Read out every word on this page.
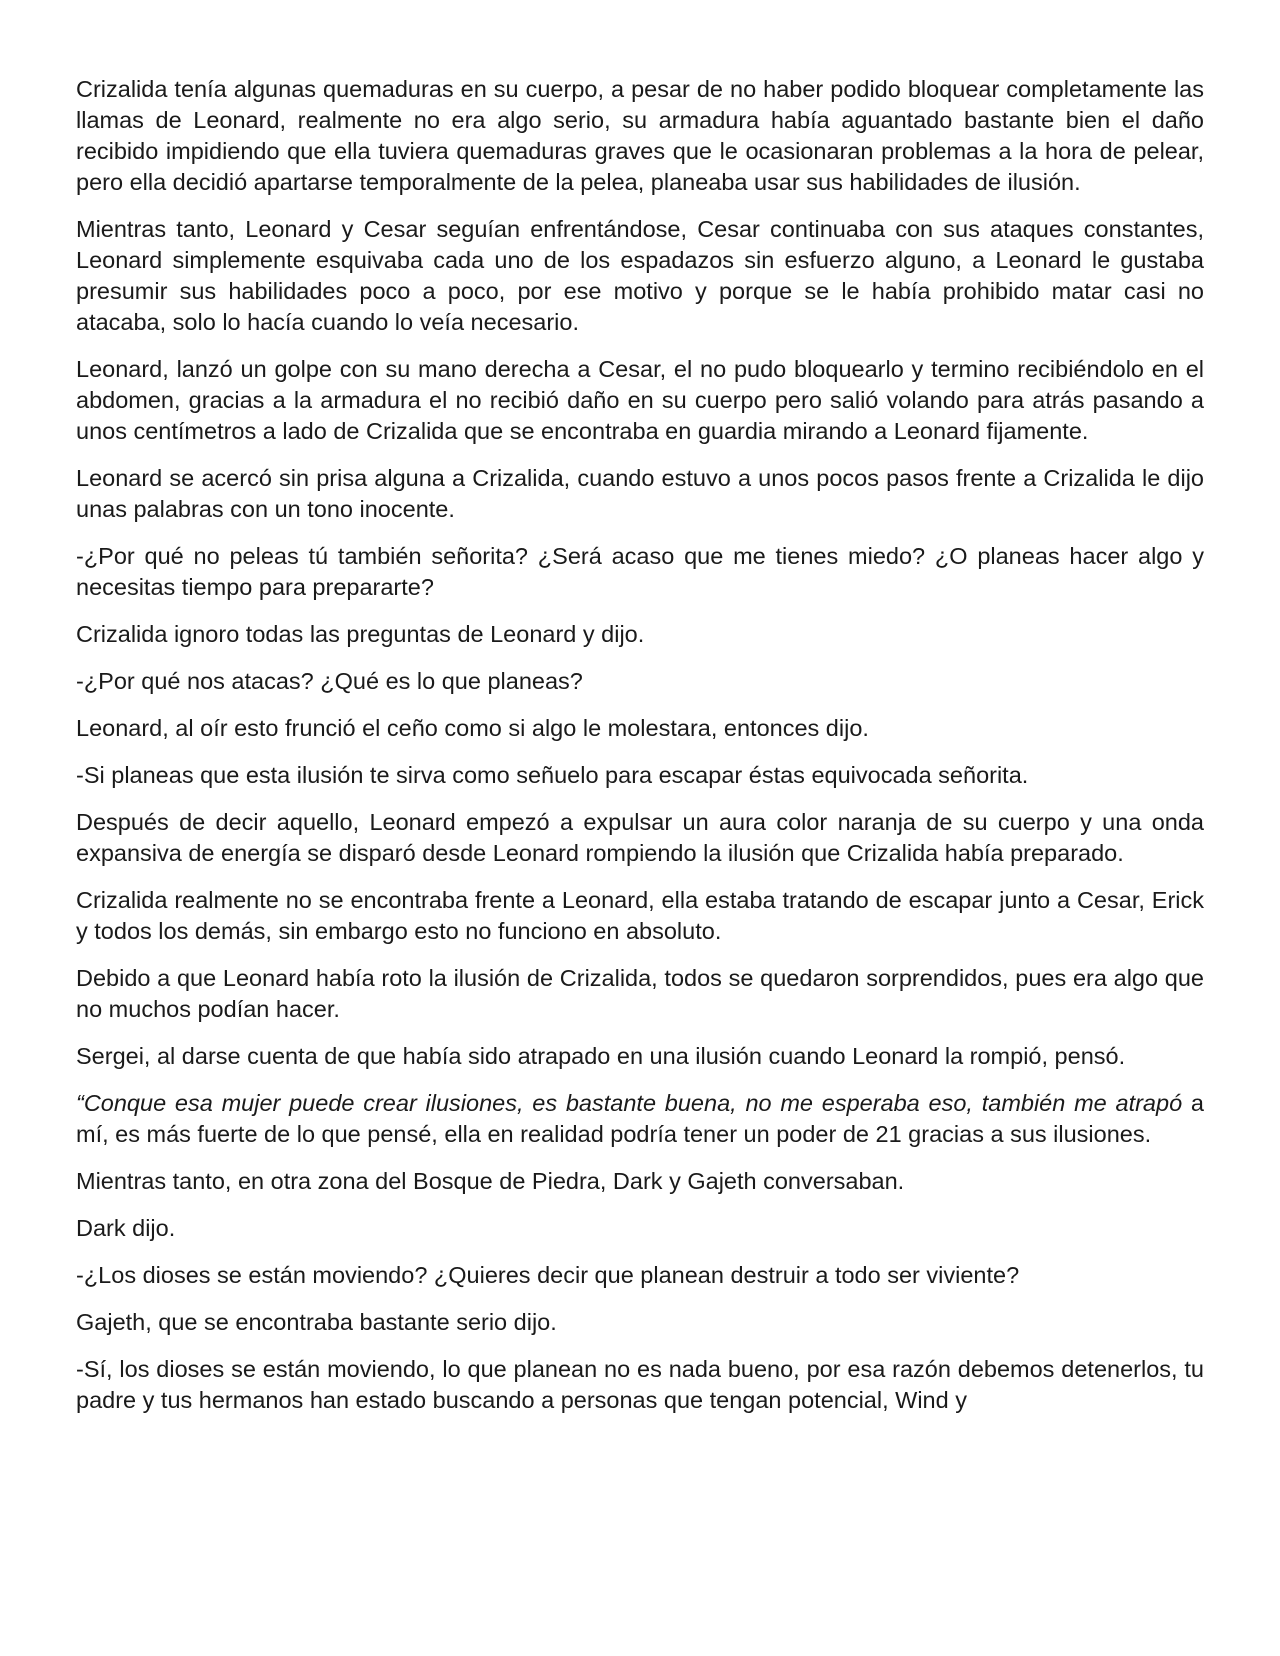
Crizalida tenía algunas quemaduras en su cuerpo, a pesar de no haber podido bloquear completamente las llamas de Leonard, realmente no era algo serio, su armadura había aguantado bastante bien el daño recibido impidiendo que ella tuviera quemaduras graves que le ocasionaran problemas a la hora de pelear, pero ella decidió apartarse temporalmente de la pelea, planeaba usar sus habilidades de ilusión.

Mientras tanto, Leonard y Cesar seguían enfrentándose, Cesar continuaba con sus ataques constantes, Leonard simplemente esquivaba cada uno de los espadazos sin esfuerzo alguno, a Leonard le gustaba presumir sus habilidades poco a poco, por ese motivo y porque se le había prohibido matar casi no atacaba, solo lo hacía cuando lo veía necesario.

Leonard, lanzó un golpe con su mano derecha a Cesar, el no pudo bloquearlo y termino recibiéndolo en el abdomen, gracias a la armadura el no recibió daño en su cuerpo pero salió volando para atrás pasando a unos centímetros a lado de Crizalida que se encontraba en guardia mirando a Leonard fijamente.

Leonard se acercó sin prisa alguna a Crizalida, cuando estuvo a unos pocos pasos frente a Crizalida le dijo unas palabras con un tono inocente.

-¿Por qué no peleas tú también señorita? ¿Será acaso que me tienes miedo? ¿O planeas hacer algo y necesitas tiempo para prepararte?

Crizalida ignoro todas las preguntas de Leonard y dijo.

-¿Por qué nos atacas? ¿Qué es lo que planeas?

Leonard, al oír esto frunció el ceño como si algo le molestara, entonces dijo.

-Si planeas que esta ilusión te sirva como señuelo para escapar éstas equivocada señorita.

Después de decir aquello, Leonard empezó a expulsar un aura color naranja de su cuerpo y una onda expansiva de energía se disparó desde Leonard rompiendo la ilusión que Crizalida había preparado.

Crizalida realmente no se encontraba frente a Leonard, ella estaba tratando de escapar junto a Cesar, Erick y todos los demás, sin embargo esto no funciono en absoluto.

Debido a que Leonard había roto la ilusión de Crizalida, todos se quedaron sorprendidos, pues era algo que no muchos podían hacer.

Sergei, al darse cuenta de que había sido atrapado en una ilusión cuando Leonard la rompió, pensó.

“Conque esa mujer puede crear ilusiones, es bastante buena, no me esperaba eso, también me atrapó a mí, es más fuerte de lo que pensé, ella en realidad podría tener un poder de 21 gracias a sus ilusiones.

Mientras tanto, en otra zona del Bosque de Piedra, Dark y Gajeth conversaban.

Dark dijo.

-¿Los dioses se están moviendo? ¿Quieres decir que planean destruir a todo ser viviente?

Gajeth, que se encontraba bastante serio dijo.

-Sí, los dioses se están moviendo, lo que planean no es nada bueno, por esa razón debemos detenerlos, tu padre y tus hermanos han estado buscando a personas que tengan potencial, Wind y
